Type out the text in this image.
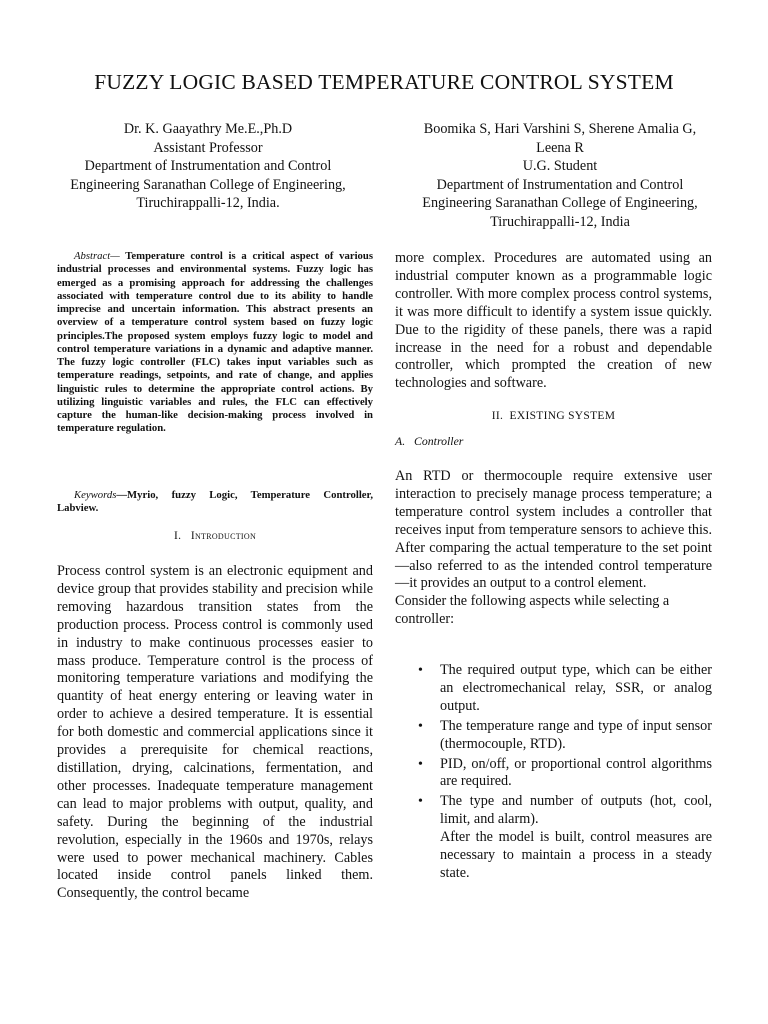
FUZZY LOGIC BASED TEMPERATURE CONTROL SYSTEM
Dr. K. Gaayathry Me.E.,Ph.D
Assistant Professor
Department of Instrumentation and Control
Engineering Saranathan College of Engineering,
Tiruchirappalli-12, India.
Boomika S, Hari Varshini S, Sherene Amalia G,
Leena R
U.G. Student
Department of Instrumentation and Control
Engineering Saranathan College of Engineering,
Tiruchirappalli-12, India

Abstract— Temperature control is a critical aspect of various industrial processes and environmental systems. Fuzzy logic has emerged as a promising approach for addressing the challenges associated with temperature control due to its ability to handle imprecise and uncertain information. This abstract presents an overview of a temperature control system based on fuzzy logic principles.The proposed system employs fuzzy logic to model and control temperature variations in a dynamic and adaptive manner. The fuzzy logic controller (FLC) takes input variables such as temperature readings, setpoints, and rate of change, and applies linguistic rules to determine the appropriate control actions. By utilizing linguistic variables and rules, the FLC can effectively capture the human-like decision-making process involved in temperature regulation.

Keywords—Myrio, fuzzy Logic, Temperature Controller, Labview.

I. Introduction

Process control system is an electronic equipment and device group that provides stability and precision while removing hazardous transition states from the production process. Process control is commonly used in industry to make continuous processes easier to mass produce. Temperature control is the process of monitoring temperature variations and modifying the quantity of heat energy entering or leaving water in order to achieve a desired temperature. It is essential for both domestic and commercial applications since it provides a prerequisite for chemical reactions, distillation, drying, calcinations, fermentation, and other processes. Inadequate temperature management can lead to major problems with output, quality, and safety. During the beginning of the industrial revolution, especially in the 1960s and 1970s, relays were used to power mechanical machinery. Cables located inside control panels linked them. Consequently, the control became

more complex. Procedures are automated using an industrial computer known as a programmable logic controller. With more complex process control systems, it was more difficult to identify a system issue quickly. Due to the rigidity of these panels, there was a rapid increase in the need for a robust and dependable controller, which prompted the creation of new technologies and software.

II. EXISTING SYSTEM
A. Controller

An RTD or thermocouple require extensive user interaction to precisely manage process temperature; a temperature control system includes a controller that receives input from temperature sensors to achieve this. After comparing the actual temperature to the set point—also referred to as the intended control temperature—it provides an output to a control element.

Consider the following aspects while selecting a controller:

• The required output type, which can be either an electromechanical relay, SSR, or analog output.
• The temperature range and type of input sensor (thermocouple, RTD).
• PID, on/off, or proportional control algorithms are required.
• The type and number of outputs (hot, cool, limit, and alarm).
After the model is built, control measures are necessary to maintain a process in a steady state.
